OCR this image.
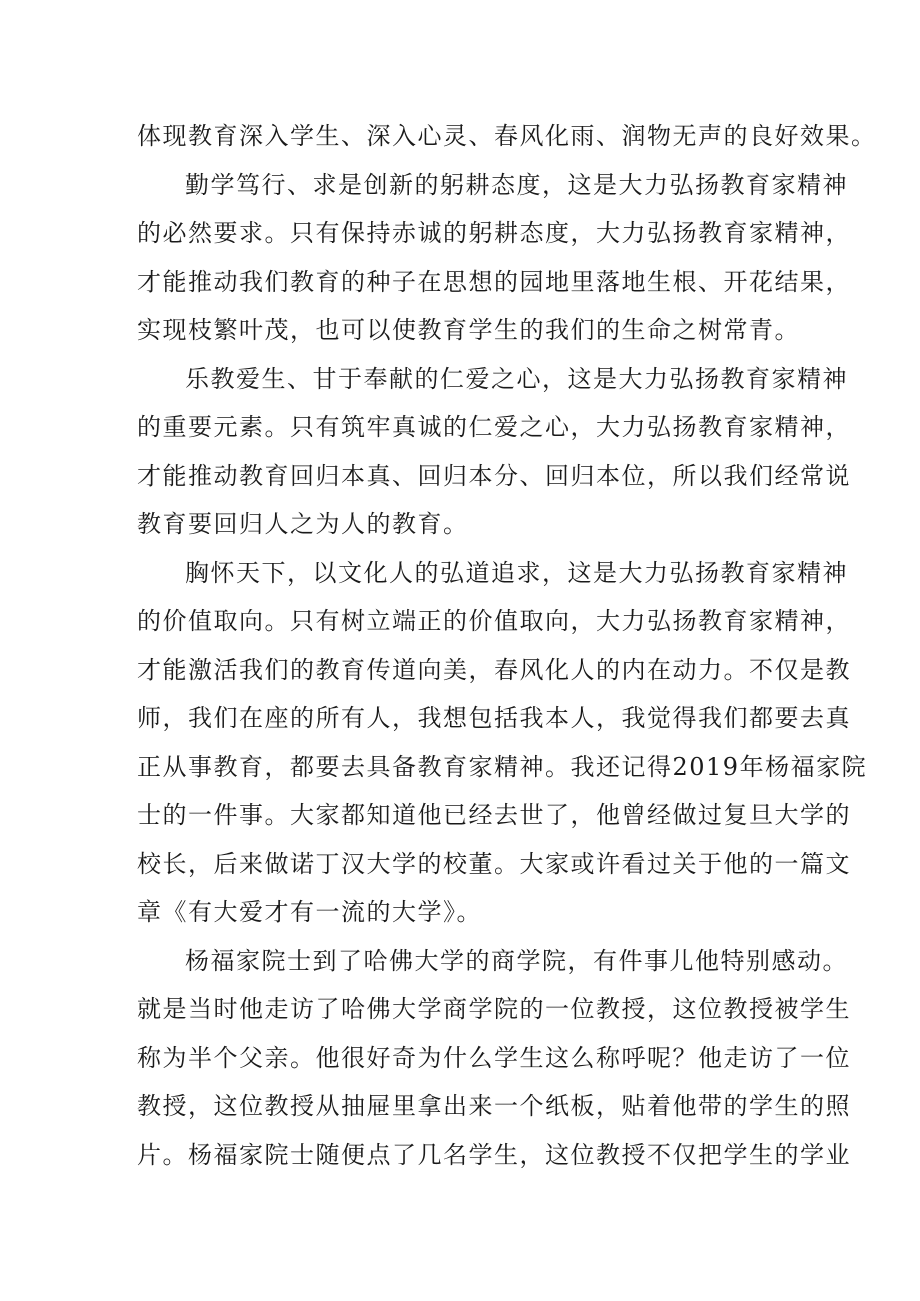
体现教育深入学生、深入心灵、春风化雨、润物无声的良好效果。
勤学笃行、求是创新的躬耕态度，这是大力弘扬教育家精神
的必然要求。只有保持赤诚的躬耕态度，大力弘扬教育家精神，
才能推动我们教育的种子在思想的园地里落地生根、开花结果，
实现枝繁叶茂，也可以使教育学生的我们的生命之树常青。
乐教爱生、甘于奉献的仁爱之心，这是大力弘扬教育家精神
的重要元素。只有筑牢真诚的仁爱之心，大力弘扬教育家精神，
才能推动教育回归本真、回归本分、回归本位，所以我们经常说
教育要回归人之为人的教育。
胸怀天下，以文化人的弘道追求，这是大力弘扬教育家精神
的价值取向。只有树立端正的价值取向，大力弘扬教育家精神，
才能激活我们的教育传道向美，春风化人的内在动力。不仅是教
师，我们在座的所有人，我想包括我本人，我觉得我们都要去真
正从事教育，都要去具备教育家精神。我还记得2019年杨福家院
士的一件事。大家都知道他已经去世了，他曾经做过复旦大学的
校长，后来做诺丁汉大学的校董。大家或许看过关于他的一篇文
章《有大爱才有一流的大学》。
杨福家院士到了哈佛大学的商学院，有件事儿他特别感动。
就是当时他走访了哈佛大学商学院的一位教授，这位教授被学生
称为半个父亲。他很好奇为什么学生这么称呼呢？他走访了一位
教授，这位教授从抽屉里拿出来一个纸板，贴着他带的学生的照
片。杨福家院士随便点了几名学生，这位教授不仅把学生的学业
